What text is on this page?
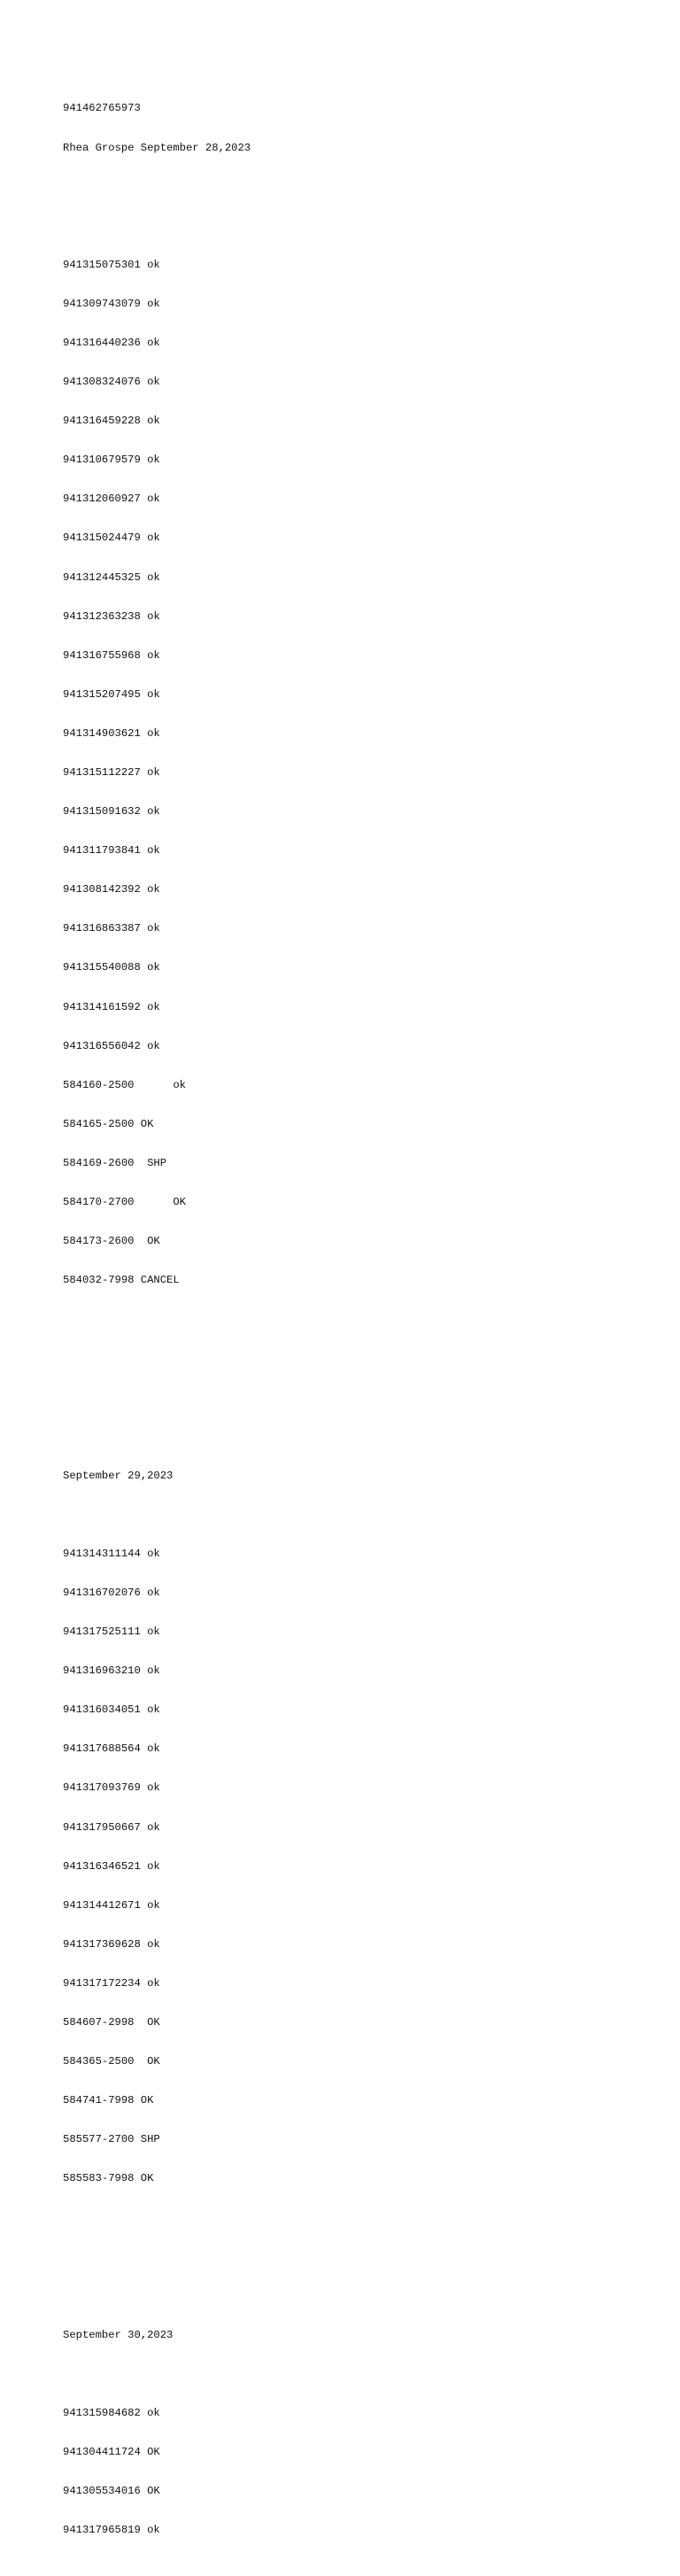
941462765973

Rhea Grospe September 28,2023

941315075301 ok

941309743079 ok

941316440236 ok

941308324076 ok

941316459228 ok

941310679579 ok

941312060927 ok

941315024479 ok

941312445325 ok

941312363238 ok

941316755968 ok

941315207495 ok

941314903621 ok

941315112227 ok

941315091632 ok

941311793841 ok

941308142392 ok

941316863387 ok

941315540088 ok

941314161592 ok

941316556042 ok

584160-2500      ok

584165-2500 OK

584169-2600  SHP

584170-2700      OK

584173-2600  OK

584032-7998 CANCEL

September 29,2023

941314311144 ok

941316702076 ok

941317525111 ok

941316963210 ok

941316034051 ok

941317688564 ok

941317093769 ok

941317950667 ok

941316346521 ok

941314412671 ok

941317369628 ok

941317172234 ok

584607-2998  OK

584365-2500  OK

584741-7998 OK

585577-2700 SHP

585583-7998 OK

September 30,2023

941315984682 ok

941304411724 OK

941305534016 OK

941317965819 ok
